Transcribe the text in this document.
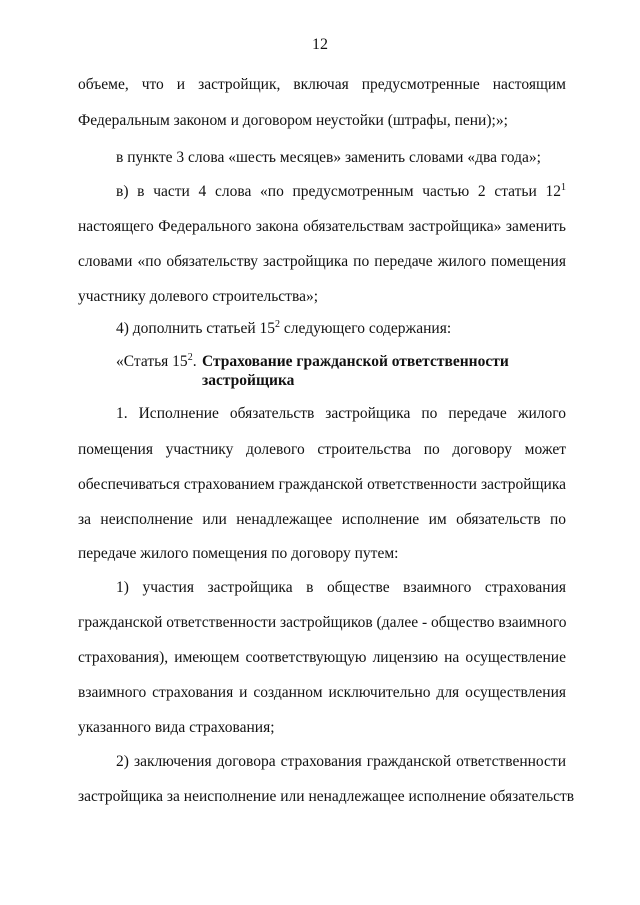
12
объеме, что и застройщик, включая предусмотренные настоящим
Федеральным законом и договором неустойки (штрафы, пени);»;
в пункте 3 слова «шесть месяцев» заменить словами «два года»;
в) в части 4 слова «по предусмотренным частью 2 статьи $12^1$
настоящего Федерального закона обязательствам застройщика» заменить
словами «по обязательству застройщика по передаче жилого помещения
участнику долевого строительства»;
4) дополнить статьей $15^2$ следующего содержания:
«Статья $15^2$. Страхование гражданской ответственности
застройщика
1. Исполнение обязательств застройщика по передаче жилого
помещения участнику долевого строительства по договору может
обеспечиваться страхованием гражданской ответственности застройщика
за неисполнение или ненадлежащее исполнение им обязательств по
передаче жилого помещения по договору путем:
1) участия застройщика в обществе взаимного страхования
гражданской ответственности застройщиков (далее - общество взаимного
страхования), имеющем соответствующую лицензию на осуществление
взаимного страхования и созданном исключительно для осуществления
указанного вида страхования;
2) заключения договора страхования гражданской ответственности
застройщика за неисполнение или ненадлежащее исполнение обязательств
